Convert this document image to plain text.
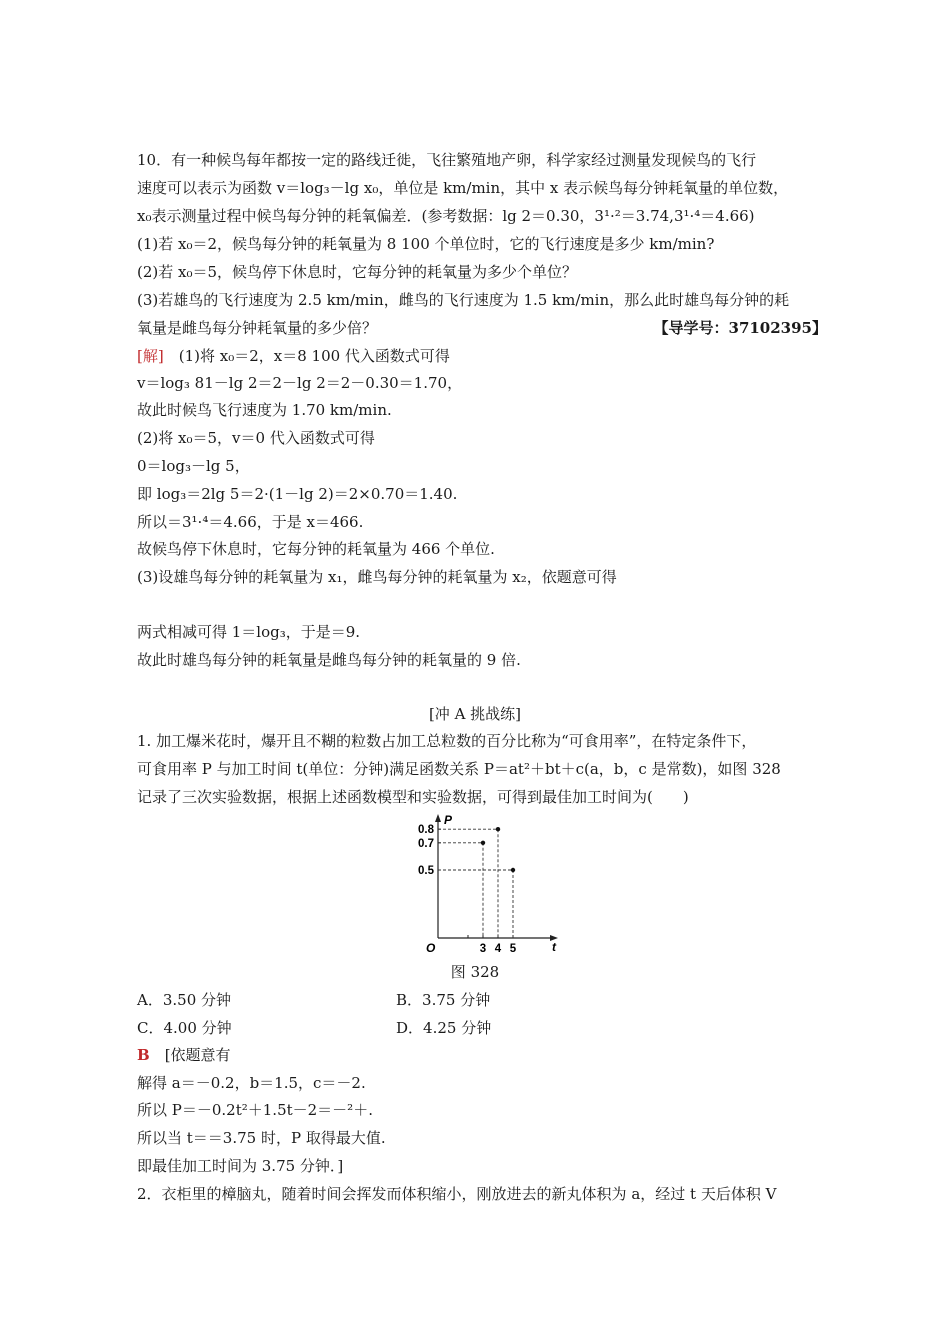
10．有一种候鸟每年都按一定的路线迁徙，飞往繁殖地产卵，科学家经过测量发现候鸟的飞行
速度可以表示为函数 v＝log₃－lg x₀，单位是 km/min，其中 x 表示候鸟每分钟耗氧量的单位数，
x₀表示测量过程中候鸟每分钟的耗氧偏差．(参考数据：lg 2＝0.30，3¹·²＝3.74,3¹·⁴＝4.66)
(1)若 x₀＝2，候鸟每分钟的耗氧量为 8 100 个单位时，它的飞行速度是多少 km/min?
(2)若 x₀＝5，候鸟停下休息时，它每分钟的耗氧量为多少个单位？
(3)若雄鸟的飞行速度为 2.5 km/min，雌鸟的飞行速度为 1.5 km/min，那么此时雄鸟每分钟的耗
氧量是雌鸟每分钟耗氧量的多少倍？	【导学号：37102395】
[解]　(1)将 x₀＝2，x＝8 100 代入函数式可得
v＝log₃ 81－lg 2＝2－lg 2＝2－0.30＝1.70，
故此时候鸟飞行速度为 1.70 km/min.
(2)将 x₀＝5，v＝0 代入函数式可得
0＝log₃－lg 5，
即 log₃＝2lg 5＝2·(1－lg 2)＝2×0.70＝1.40.
所以＝3¹·⁴＝4.66，于是 x＝466.
故候鸟停下休息时，它每分钟的耗氧量为 466 个单位.
(3)设雄鸟每分钟的耗氧量为 x₁，雌鸟每分钟的耗氧量为 x₂，依题意可得
两式相减可得 1＝log₃，于是＝9.
故此时雄鸟每分钟的耗氧量是雌鸟每分钟的耗氧量的 9 倍.
[冲 A 挑战练]
1. 加工爆米花时，爆开且不糊的粒数占加工总粒数的百分比称为“可食用率”，在特定条件下，
可食用率 P 与加工时间 t(单位：分钟)满足函数关系 P＝at²＋bt＋c(a，b，c 是常数)，如图 328
记录了三次实验数据，根据上述函数模型和实验数据，可得到最佳加工时间为(　　)
t
P
O	3 4 5
0.8
0.7
0.5
图 328
A．3.50 分钟	B．3.75 分钟
C．4.00 分钟	D．4.25 分钟
B　[依题意有
解得 a＝－0.2，b＝1.5，c＝－2.
所以 P＝－0.2t²＋1.5t－2＝－²＋.
所以当 t＝＝3.75 时，P 取得最大值.
即最佳加工时间为 3.75 分钟．]
2．衣柜里的樟脑丸，随着时间会挥发而体积缩小，刚放进去的新丸体积为 a，经过 t 天后体积 V
